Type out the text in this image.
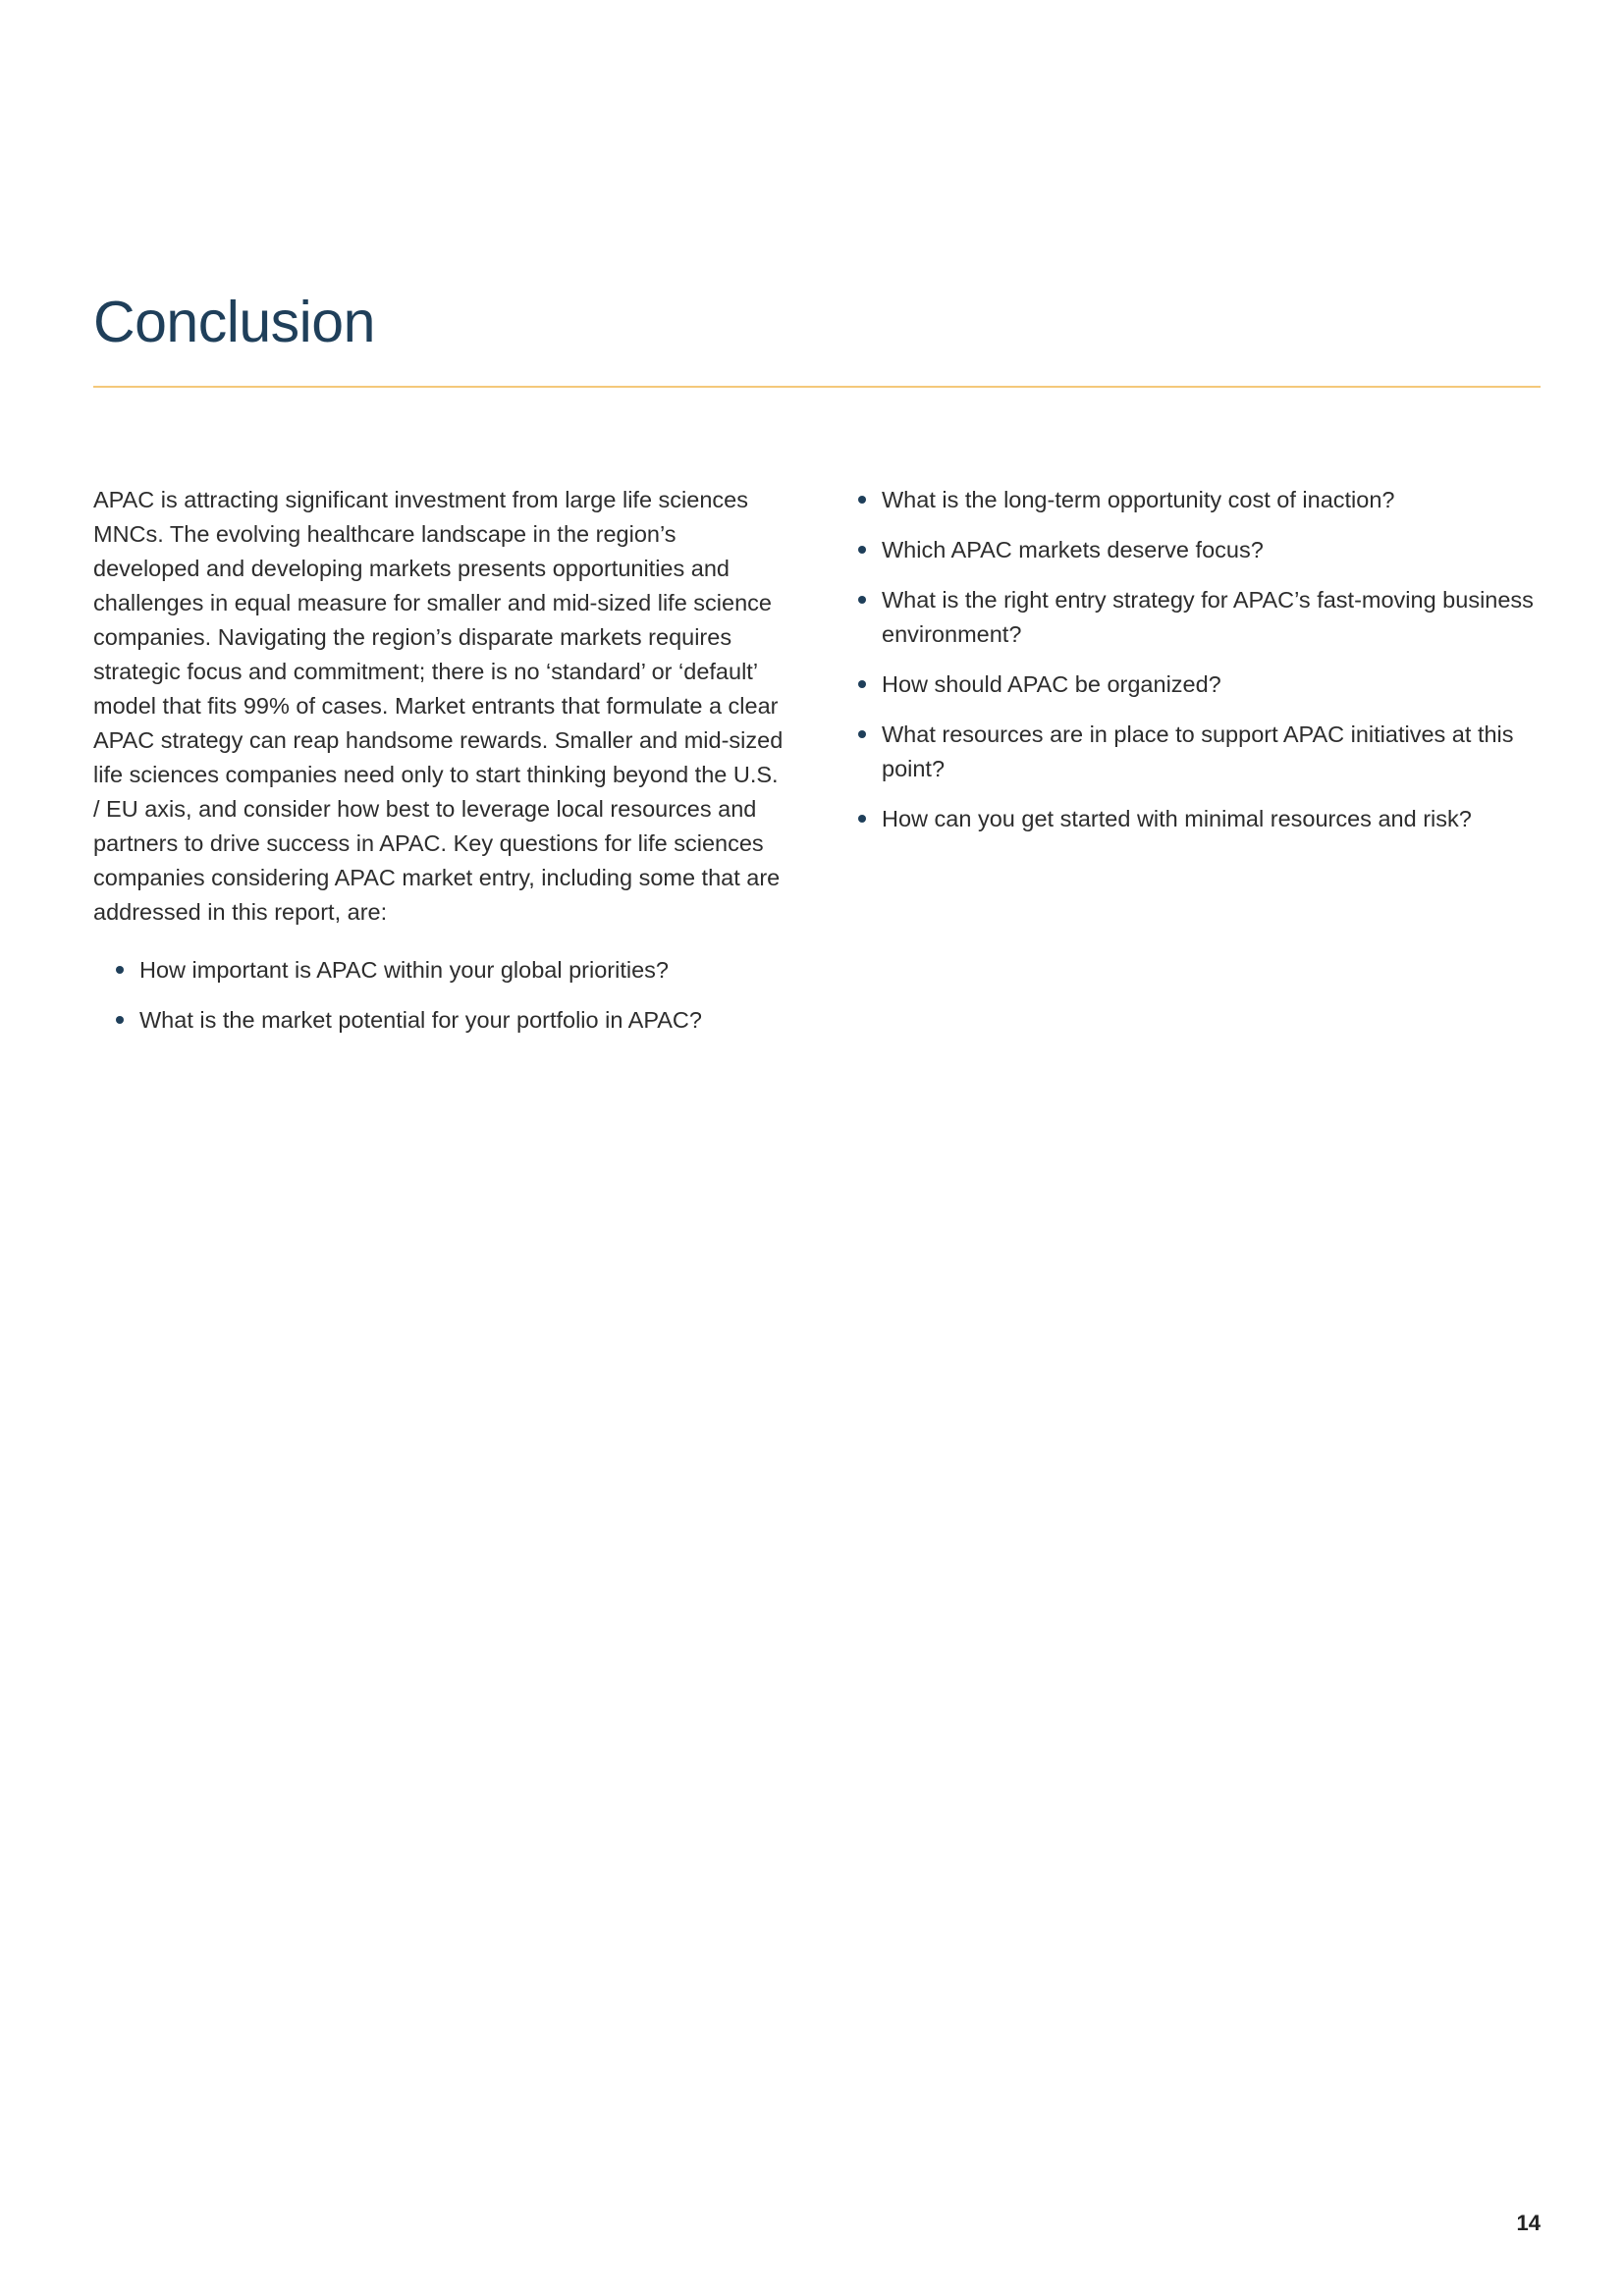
Conclusion

APAC is attracting significant investment from large life sciences MNCs. The evolving healthcare landscape in the region’s developed and developing markets presents opportunities and challenges in equal measure for smaller and mid-sized life science companies. Navigating the region’s disparate markets requires strategic focus and commitment; there is no ‘standard’ or ‘default’ model that fits 99% of cases. Market entrants that formulate a clear APAC strategy can reap handsome rewards. Smaller and mid-sized life sciences companies need only to start thinking beyond the U.S. / EU axis, and consider how best to leverage local resources and partners to drive success in APAC. Key questions for life sciences companies considering APAC market entry, including some that are addressed in this report, are:

How important is APAC within your global priorities?
What is the market potential for your portfolio in APAC?
What is the long-term opportunity cost of inaction?
Which APAC markets deserve focus?
What is the right entry strategy for APAC’s fast-moving business environment?
How should APAC be organized?
What resources are in place to support APAC initiatives at this point?
How can you get started with minimal resources and risk?
14
